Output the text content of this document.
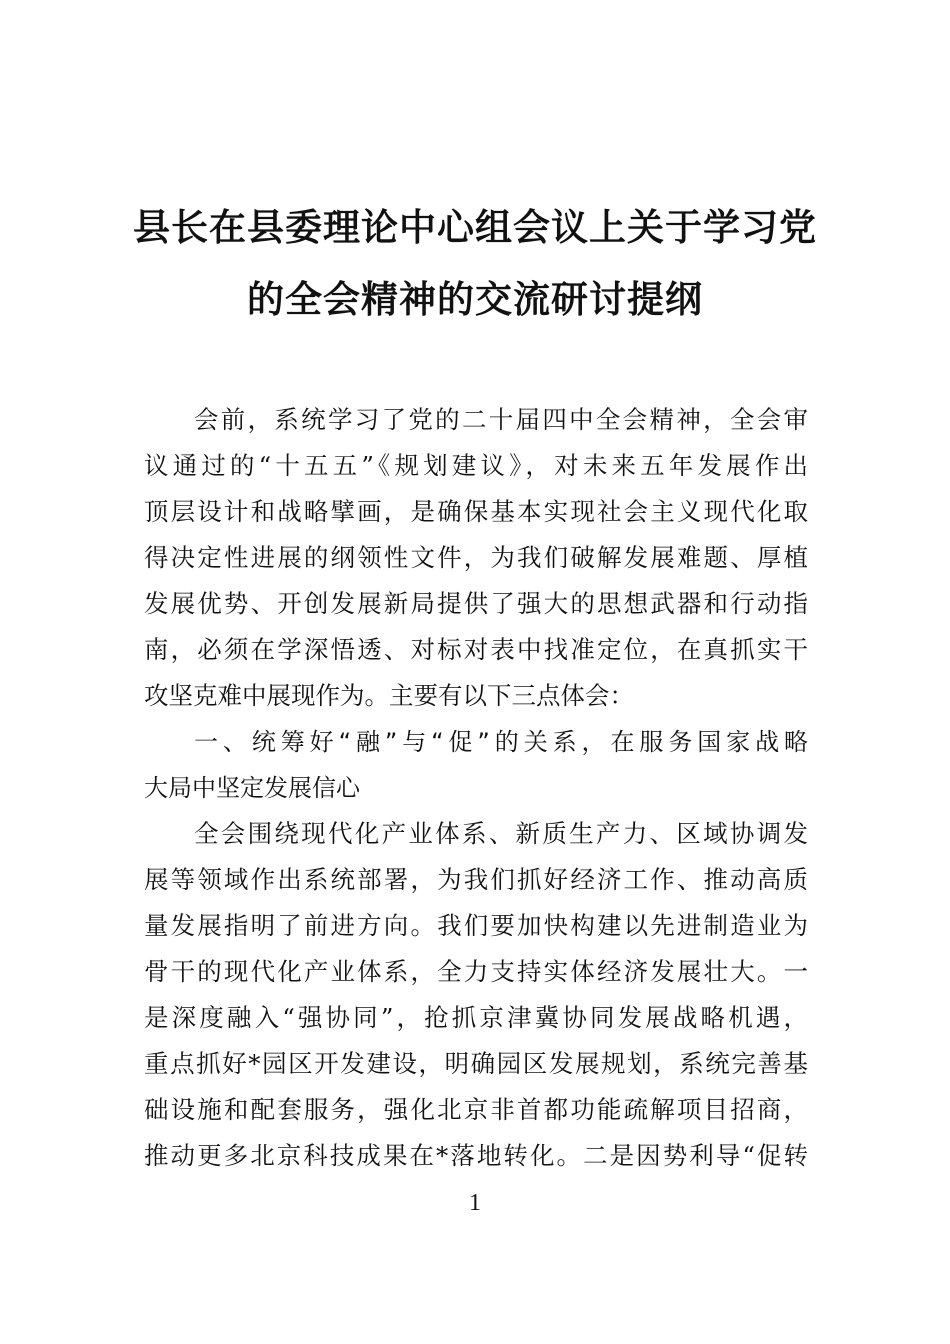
县长在县委理论中心组会议上关于学习党
的全会精神的交流研讨提纲
会前，系统学习了党的二十届四中全会精神，全会审
议通过的“十五五”《规划建议》，对未来五年发展作出
顶层设计和战略擘画，是确保基本实现社会主义现代化取
得决定性进展的纲领性文件，为我们破解发展难题、厚植
发展优势、开创发展新局提供了强大的思想武器和行动指
南，必须在学深悟透、对标对表中找准定位，在真抓实干
攻坚克难中展现作为。主要有以下三点体会：
一、统筹好“融”与“促”的关系，在服务国家战略
大局中坚定发展信心
全会围绕现代化产业体系、新质生产力、区域协调发
展等领域作出系统部署，为我们抓好经济工作、推动高质
量发展指明了前进方向。我们要加快构建以先进制造业为
骨干的现代化产业体系，全力支持实体经济发展壮大。一
是深度融入“强协同”，抢抓京津冀协同发展战略机遇，
重点抓好*园区开发建设，明确园区发展规划，系统完善基
础设施和配套服务，强化北京非首都功能疏解项目招商，
推动更多北京科技成果在*落地转化。二是因势利导“促转
1
